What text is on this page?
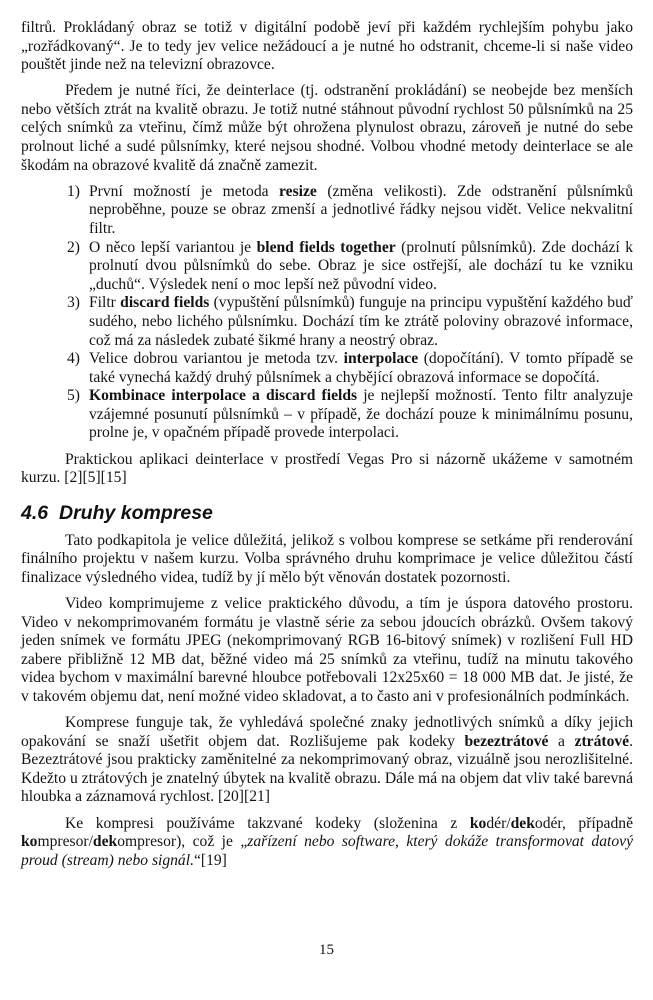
filtrů. Prokládaný obraz se totiž v digitální podobě jeví při každém rychlejším pohybu jako „rozřádkovaný“. Je to tedy jev velice nežádoucí a je nutné ho odstranit, chceme-li si naše video pouštět jinde než na televizní obrazovce.

Předem je nutné říci, že deinterlace (tj. odstranění prokládání) se neobejde bez menších nebo větších ztrát na kvalitě obrazu. Je totiž nutné stáhnout původní rychlost 50 půlsnímků na 25 celých snímků za vteřinu, čímž může být ohrožena plynulost obrazu, zároveň je nutné do sebe prolnout liché a sudé půlsnímky, které nejsou shodné. Volbou vhodné metody deinterlace se ale škodám na obrazové kvalitě dá značně zamezit.

1) První možností je metoda resize (změna velikosti). Zde odstranění půlsnímků neproběhne, pouze se obraz zmenší a jednotlivé řádky nejsou vidět. Velice nekvalitní filtr.
2) O něco lepší variantou je blend fields together (prolnutí půlsnímků). Zde dochází k prolnutí dvou půlsnímků do sebe. Obraz je sice ostřejší, ale dochází tu ke vzniku „duchů“. Výsledek není o moc lepší než původní video.
3) Filtr discard fields (vypuštění půlsnímků) funguje na principu vypuštění každého buď sudého, nebo lichého půlsnímku. Dochází tím ke ztrátě poloviny obrazové informace, což má za následek zubaté šikmé hrany a neostrý obraz.
4) Velice dobrou variantou je metoda tzv. interpolace (dopočítání). V tomto případě se také vynechá každý druhý půlsnímek a chybějící obrazová informace se dopočítá.
5) Kombinace interpolace a discard fields je nejlepší možností. Tento filtr analyzuje vzájemné posunutí půlsnímků – v případě, že dochází pouze k minimálnímu posunu, prolne je, v opačném případě provede interpolaci.

Praktickou aplikaci deinterlace v prostředí Vegas Pro si názorně ukážeme v samotném kurzu. [2][5][15]

4.6 Druhy komprese

Tato podkapitola je velice důležitá, jelikož s volbou komprese se setkáme při renderování finálního projektu v našem kurzu. Volba správného druhu komprimace je velice důležitou částí finalizace výsledného videa, tudíž by jí mělo být věnován dostatek pozornosti.

Video komprimujeme z velice praktického důvodu, a tím je úspora datového prostoru. Video v nekomprimovaném formátu je vlastně série za sebou jdoucích obrázků. Ovšem takový jeden snímek ve formátu JPEG (nekomprimovaný RGB 16-bitový snímek) v rozlišení Full HD zabere přibližně 12 MB dat, běžné video má 25 snímků za vteřinu, tudíž na minutu takového videa bychom v maximální barevné hloubce potřebovali 12x25x60 = 18 000 MB dat. Je jisté, že v takovém objemu dat, není možné video skladovat, a to často ani v profesionálních podmínkách.

Komprese funguje tak, že vyhledává společné znaky jednotlivých snímků a díky jejich opakování se snaží ušetřit objem dat. Rozlišujeme pak kodeky bezeztrátové a ztrátové. Bezeztrátové jsou prakticky zaměnitelné za nekomprimovaný obraz, vizuálně jsou nerozlišitelné. Kdežto u ztrátových je znatelný úbytek na kvalitě obrazu. Dále má na objem dat vliv také barevná hloubka a záznamová rychlost. [20][21]

Ke kompresi používáme takzvané kodeky (složenina z kodér/dekodér, případně kompresor/dekompresor), což je „zařízení nebo software, který dokáže transformovat datový proud (stream) nebo signál.“[19]

15
